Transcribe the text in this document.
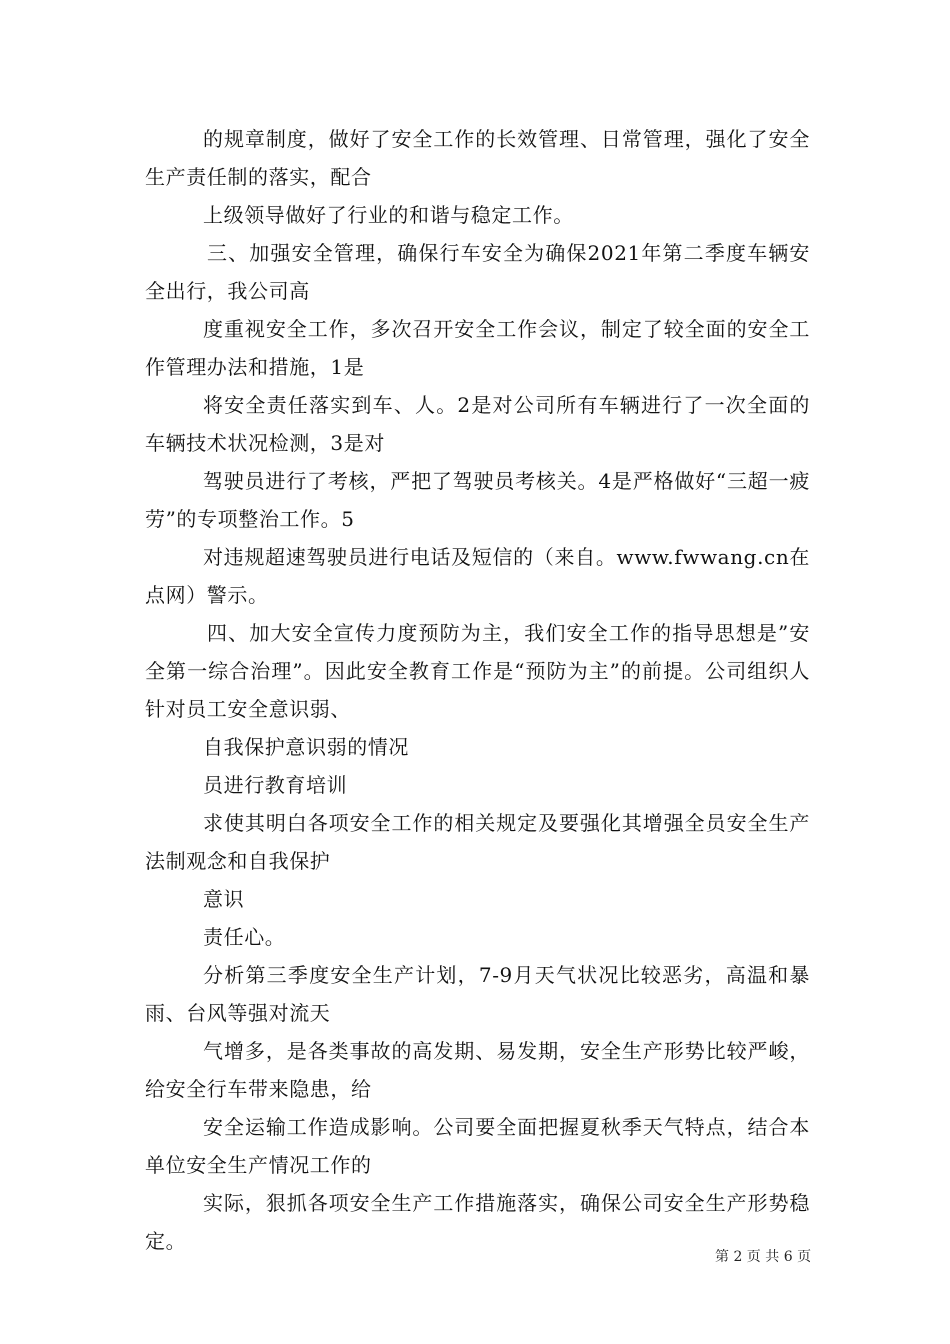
的规章制度，做好了安全工作的长效管理、日常管理，强化了安全生产责任制的落实，配合

上级领导做好了行业的和谐与稳定工作。

三、加强安全管理，确保行车安全为确保2021年第二季度车辆安全出行，我公司高

度重视安全工作，多次召开安全工作会议，制定了较全面的安全工作管理办法和措施，1是

将安全责任落实到车、人。2是对公司所有车辆进行了一次全面的车辆技术状况检测，3是对

驾驶员进行了考核，严把了驾驶员考核关。4是严格做好“三超一疲劳”的专项整治工作。5

对违规超速驾驶员进行电话及短信的（来自。www.fwwang.cn在点网）警示。

四、加大安全宣传力度预防为主，我们安全工作的指导思想是”安全第一综合治理”。因此安全教育工作是“预防为主”的前提。公司组织人针对员工安全意识弱、

自我保护意识弱的情况

员进行教育培训

求使其明白各项安全工作的相关规定及要强化其增强全员安全生产法制观念和自我保护

意识

责任心。

分析第三季度安全生产计划，7-9月天气状况比较恶劣，高温和暴雨、台风等强对流天

气增多，是各类事故的高发期、易发期，安全生产形势比较严峻，给安全行车带来隐患，给

安全运输工作造成影响。公司要全面把握夏秋季天气特点，结合本单位安全生产情况工作的

实际，狠抓各项安全生产工作措施落实，确保公司安全生产形势稳定。

第 2 页 共 6 页
